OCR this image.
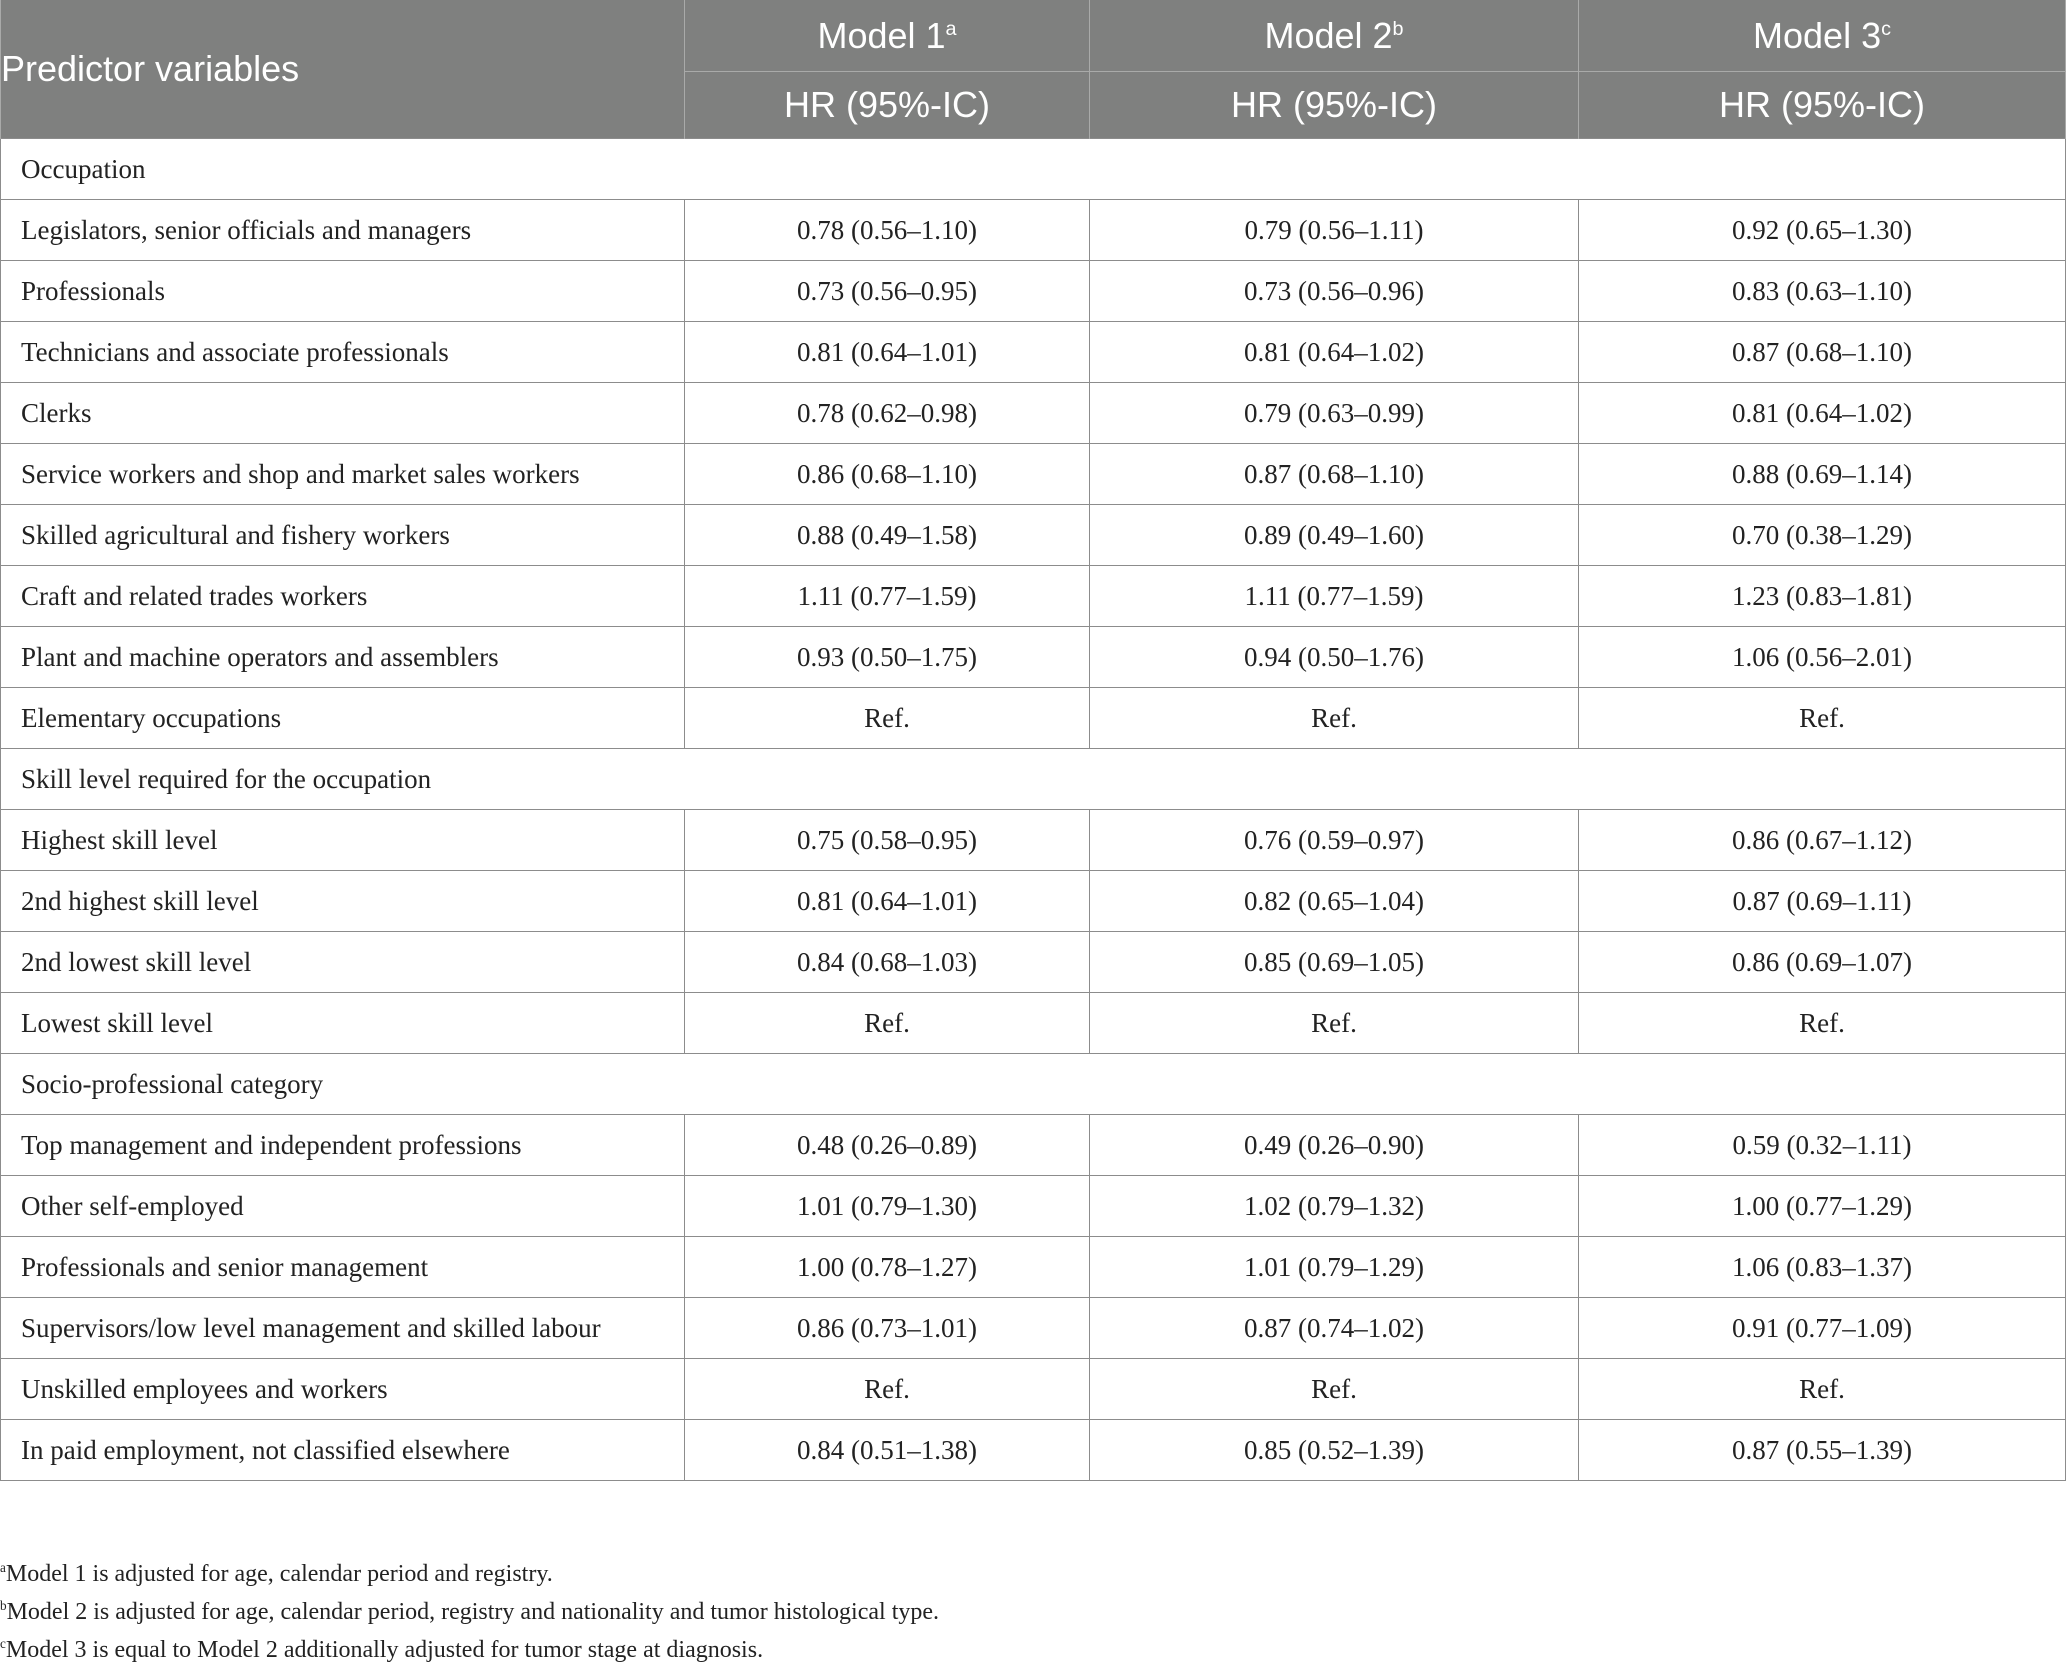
Predictor variables	Model 1$^a$	Model 2$^b$	Model 3$^c$
	HR (95%-IC)	HR (95%-IC)	HR (95%-IC)
Occupation			
Legislators, senior officials and managers	0.78 (0.56–1.10)	0.79 (0.56–1.11)	0.92 (0.65–1.30)
Professionals	0.73 (0.56–0.95)	0.73 (0.56–0.96)	0.83 (0.63–1.10)
Technicians and associate professionals	0.81 (0.64–1.01)	0.81 (0.64–1.02)	0.87 (0.68–1.10)
Clerks	0.78 (0.62–0.98)	0.79 (0.63–0.99)	0.81 (0.64–1.02)
Service workers and shop and market sales workers	0.86 (0.68–1.10)	0.87 (0.68–1.10)	0.88 (0.69–1.14)
Skilled agricultural and fishery workers	0.88 (0.49–1.58)	0.89 (0.49–1.60)	0.70 (0.38–1.29)
Craft and related trades workers	1.11 (0.77–1.59)	1.11 (0.77–1.59)	1.23 (0.83–1.81)
Plant and machine operators and assemblers	0.93 (0.50–1.75)	0.94 (0.50–1.76)	1.06 (0.56–2.01)
Elementary occupations	Ref.	Ref.	Ref.
Skill level required for the occupation			
Highest skill level	0.75 (0.58–0.95)	0.76 (0.59–0.97)	0.86 (0.67–1.12)
2nd highest skill level	0.81 (0.64–1.01)	0.82 (0.65–1.04)	0.87 (0.69–1.11)
2nd lowest skill level	0.84 (0.68–1.03)	0.85 (0.69–1.05)	0.86 (0.69–1.07)
Lowest skill level	Ref.	Ref.	Ref.
Socio-professional category			
Top management and independent professions	0.48 (0.26–0.89)	0.49 (0.26–0.90)	0.59 (0.32–1.11)
Other self-employed	1.01 (0.79–1.30)	1.02 (0.79–1.32)	1.00 (0.77–1.29)
Professionals and senior management	1.00 (0.78–1.27)	1.01 (0.79–1.29)	1.06 (0.83–1.37)
Supervisors/low level management and skilled labour	0.86 (0.73–1.01)	0.87 (0.74–1.02)	0.91 (0.77–1.09)
Unskilled employees and workers	Ref.	Ref.	Ref.
In paid employment, not classified elsewhere	0.84 (0.51–1.38)	0.85 (0.52–1.39)	0.87 (0.55–1.39)
$^a$Model 1 is adjusted for age, calendar period and registry.
$^b$Model 2 is adjusted for age, calendar period, registry and nationality and tumor histological type.
$^c$Model 3 is equal to Model 2 additionally adjusted for tumor stage at diagnosis.
